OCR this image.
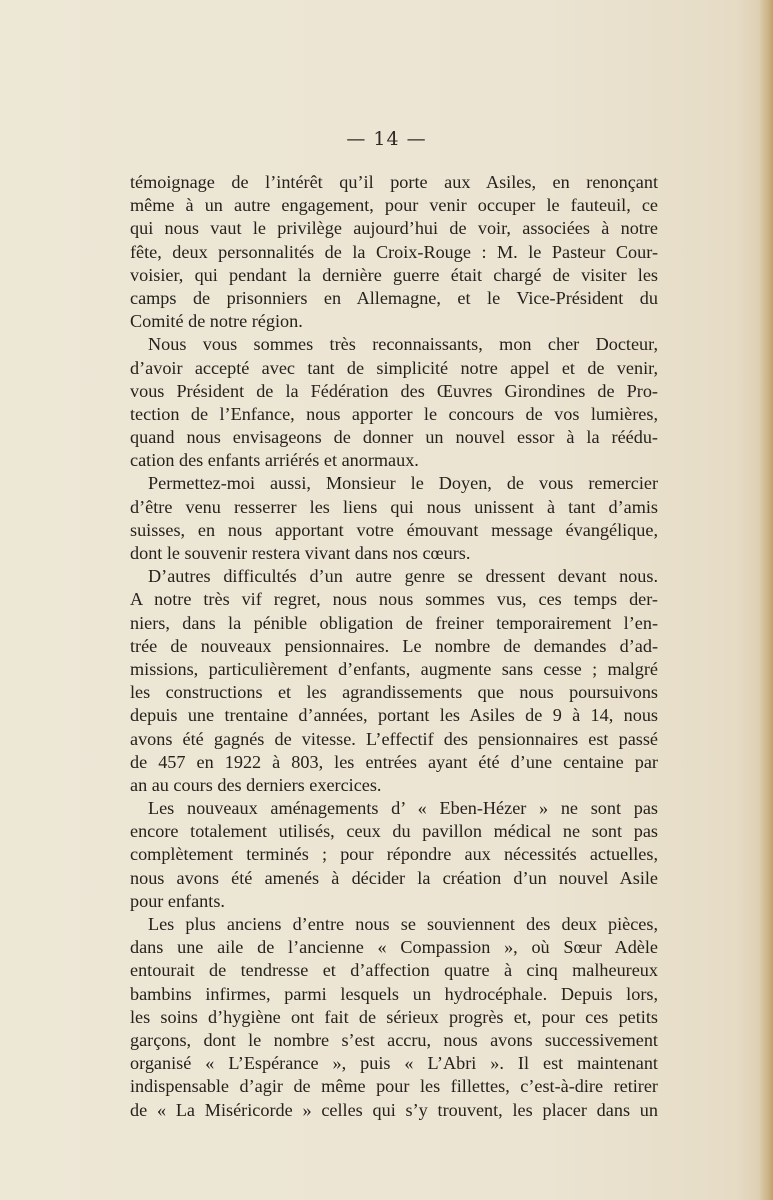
— 14 —
témoignage de l’intérêt qu’il porte aux Asiles, en renonçant
même à un autre engagement, pour venir occuper le fauteuil, ce
qui nous vaut le privilège aujourd’hui de voir, associées à notre
fête, deux personnalités de la Croix-Rouge : M. le Pasteur Cour-
voisier, qui pendant la dernière guerre était chargé de visiter les
camps de prisonniers en Allemagne, et le Vice-Président du
Comité de notre région.
Nous vous sommes très reconnaissants, mon cher Docteur,
d’avoir accepté avec tant de simplicité notre appel et de venir,
vous Président de la Fédération des Œuvres Girondines de Pro-
tection de l’Enfance, nous apporter le concours de vos lumières,
quand nous envisageons de donner un nouvel essor à la réédu-
cation des enfants arriérés et anormaux.
Permettez-moi aussi, Monsieur le Doyen, de vous remercier
d’être venu resserrer les liens qui nous unissent à tant d’amis
suisses, en nous apportant votre émouvant message évangélique,
dont le souvenir restera vivant dans nos cœurs.
D’autres difficultés d’un autre genre se dressent devant nous.
A notre très vif regret, nous nous sommes vus, ces temps der-
niers, dans la pénible obligation de freiner temporairement l’en-
trée de nouveaux pensionnaires. Le nombre de demandes d’ad-
missions, particulièrement d’enfants, augmente sans cesse ; malgré
les constructions et les agrandissements que nous poursuivons
depuis une trentaine d’années, portant les Asiles de 9 à 14, nous
avons été gagnés de vitesse. L’effectif des pensionnaires est passé
de 457 en 1922 à 803, les entrées ayant été d’une centaine par
an au cours des derniers exercices.
Les nouveaux aménagements d’ « Eben-Hézer » ne sont pas
encore totalement utilisés, ceux du pavillon médical ne sont pas
complètement terminés ; pour répondre aux nécessités actuelles,
nous avons été amenés à décider la création d’un nouvel Asile
pour enfants.
Les plus anciens d’entre nous se souviennent des deux pièces,
dans une aile de l’ancienne « Compassion », où Sœur Adèle
entourait de tendresse et d’affection quatre à cinq malheureux
bambins infirmes, parmi lesquels un hydrocéphale. Depuis lors,
les soins d’hygiène ont fait de sérieux progrès et, pour ces petits
garçons, dont le nombre s’est accru, nous avons successivement
organisé « L’Espérance », puis « L’Abri ». Il est maintenant
indispensable d’agir de même pour les fillettes, c’est-à-dire retirer
de « La Miséricorde » celles qui s’y trouvent, les placer dans un
